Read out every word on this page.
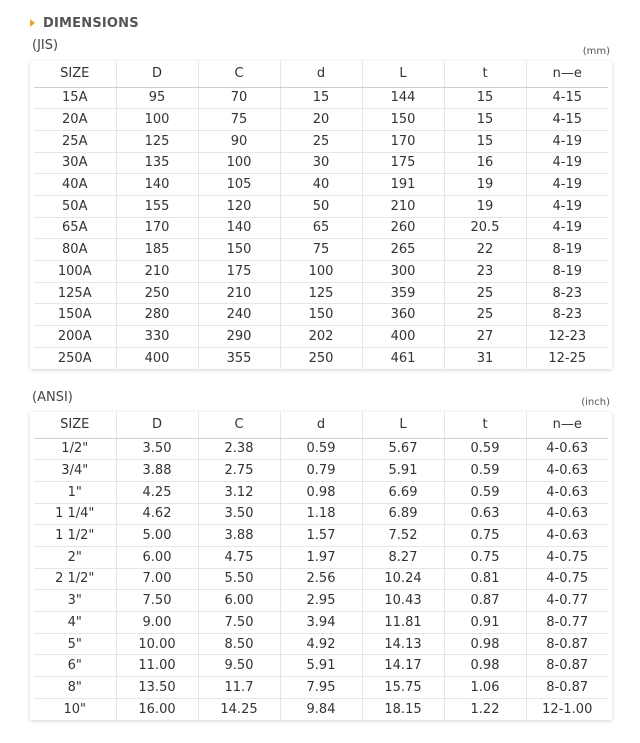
DIMENSIONS
(JIS)	(mm)
SIZE	D	C	d	L	t	n—e
15A	95	70	15	144	15	4-15
20A	100	75	20	150	15	4-15
25A	125	90	25	170	15	4-19
30A	135	100	30	175	16	4-19
40A	140	105	40	191	19	4-19
50A	155	120	50	210	19	4-19
65A	170	140	65	260	20.5	4-19
80A	185	150	75	265	22	8-19
100A	210	175	100	300	23	8-19
125A	250	210	125	359	25	8-23
150A	280	240	150	360	25	8-23
200A	330	290	202	400	27	12-23
250A	400	355	250	461	31	12-25
(ANSI)	(inch)
SIZE	D	C	d	L	t	n—e
1/2"	3.50	2.38	0.59	5.67	0.59	4-0.63
3/4"	3.88	2.75	0.79	5.91	0.59	4-0.63
1"	4.25	3.12	0.98	6.69	0.59	4-0.63
1 1/4"	4.62	3.50	1.18	6.89	0.63	4-0.63
1 1/2"	5.00	3.88	1.57	7.52	0.75	4-0.63
2"	6.00	4.75	1.97	8.27	0.75	4-0.75
2 1/2"	7.00	5.50	2.56	10.24	0.81	4-0.75
3"	7.50	6.00	2.95	10.43	0.87	4-0.77
4"	9.00	7.50	3.94	11.81	0.91	8-0.77
5"	10.00	8.50	4.92	14.13	0.98	8-0.87
6"	11.00	9.50	5.91	14.17	0.98	8-0.87
8"	13.50	11.7	7.95	15.75	1.06	8-0.87
10"	16.00	14.25	9.84	18.15	1.22	12-1.00
